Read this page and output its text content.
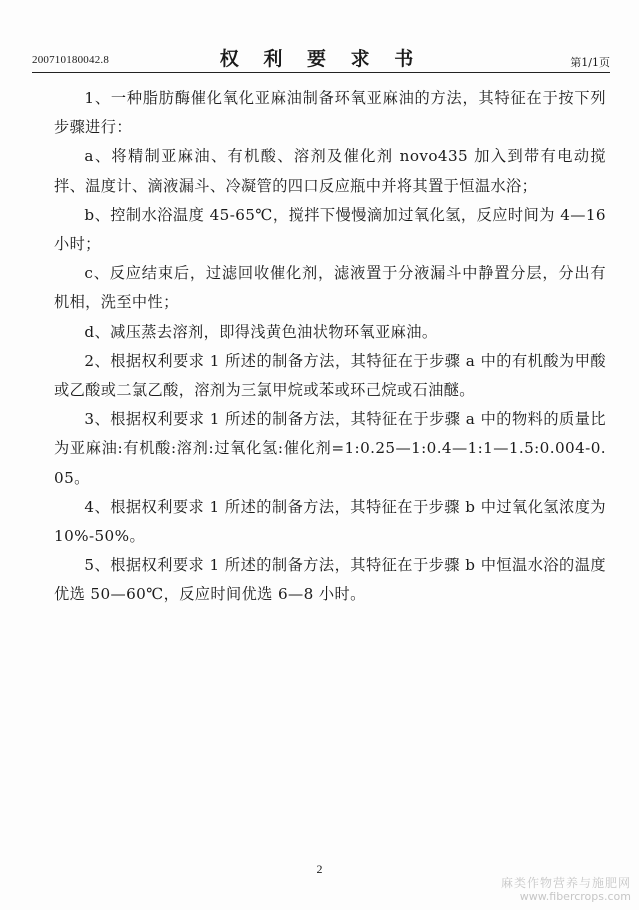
200710180042.8	权 利 要 求 书	第1/1页

1、一种脂肪酶催化氧化亚麻油制备环氧亚麻油的方法，其特征在于按下列步骤进行：

a、将精制亚麻油、有机酸、溶剂及催化剂 novo435 加入到带有电动搅拌、温度计、滴液漏斗、冷凝管的四口反应瓶中并将其置于恒温水浴；

b、控制水浴温度 45-65℃，搅拌下慢慢滴加过氧化氢，反应时间为 4—16 小时；

c、反应结束后，过滤回收催化剂，滤液置于分液漏斗中静置分层，分出有机相，洗至中性；

d、减压蒸去溶剂，即得浅黄色油状物环氧亚麻油。

2、根据权利要求 1 所述的制备方法，其特征在于步骤 a 中的有机酸为甲酸或乙酸或二氯乙酸，溶剂为三氯甲烷或苯或环己烷或石油醚。

3、根据权利要求 1 所述的制备方法，其特征在于步骤 a 中的物料的质量比为亚麻油:有机酸:溶剂:过氧化氢:催化剂=1:0.25—1:0.4—1:1—1.5:0.004-0.05。

4、根据权利要求 1 所述的制备方法，其特征在于步骤 b 中过氧化氢浓度为 10%-50%。

5、根据权利要求 1 所述的制备方法，其特征在于步骤 b 中恒温水浴的温度优选 50—60℃，反应时间优选 6—8 小时。

2
麻类作物营养与施肥网
www.fibercrops.com
